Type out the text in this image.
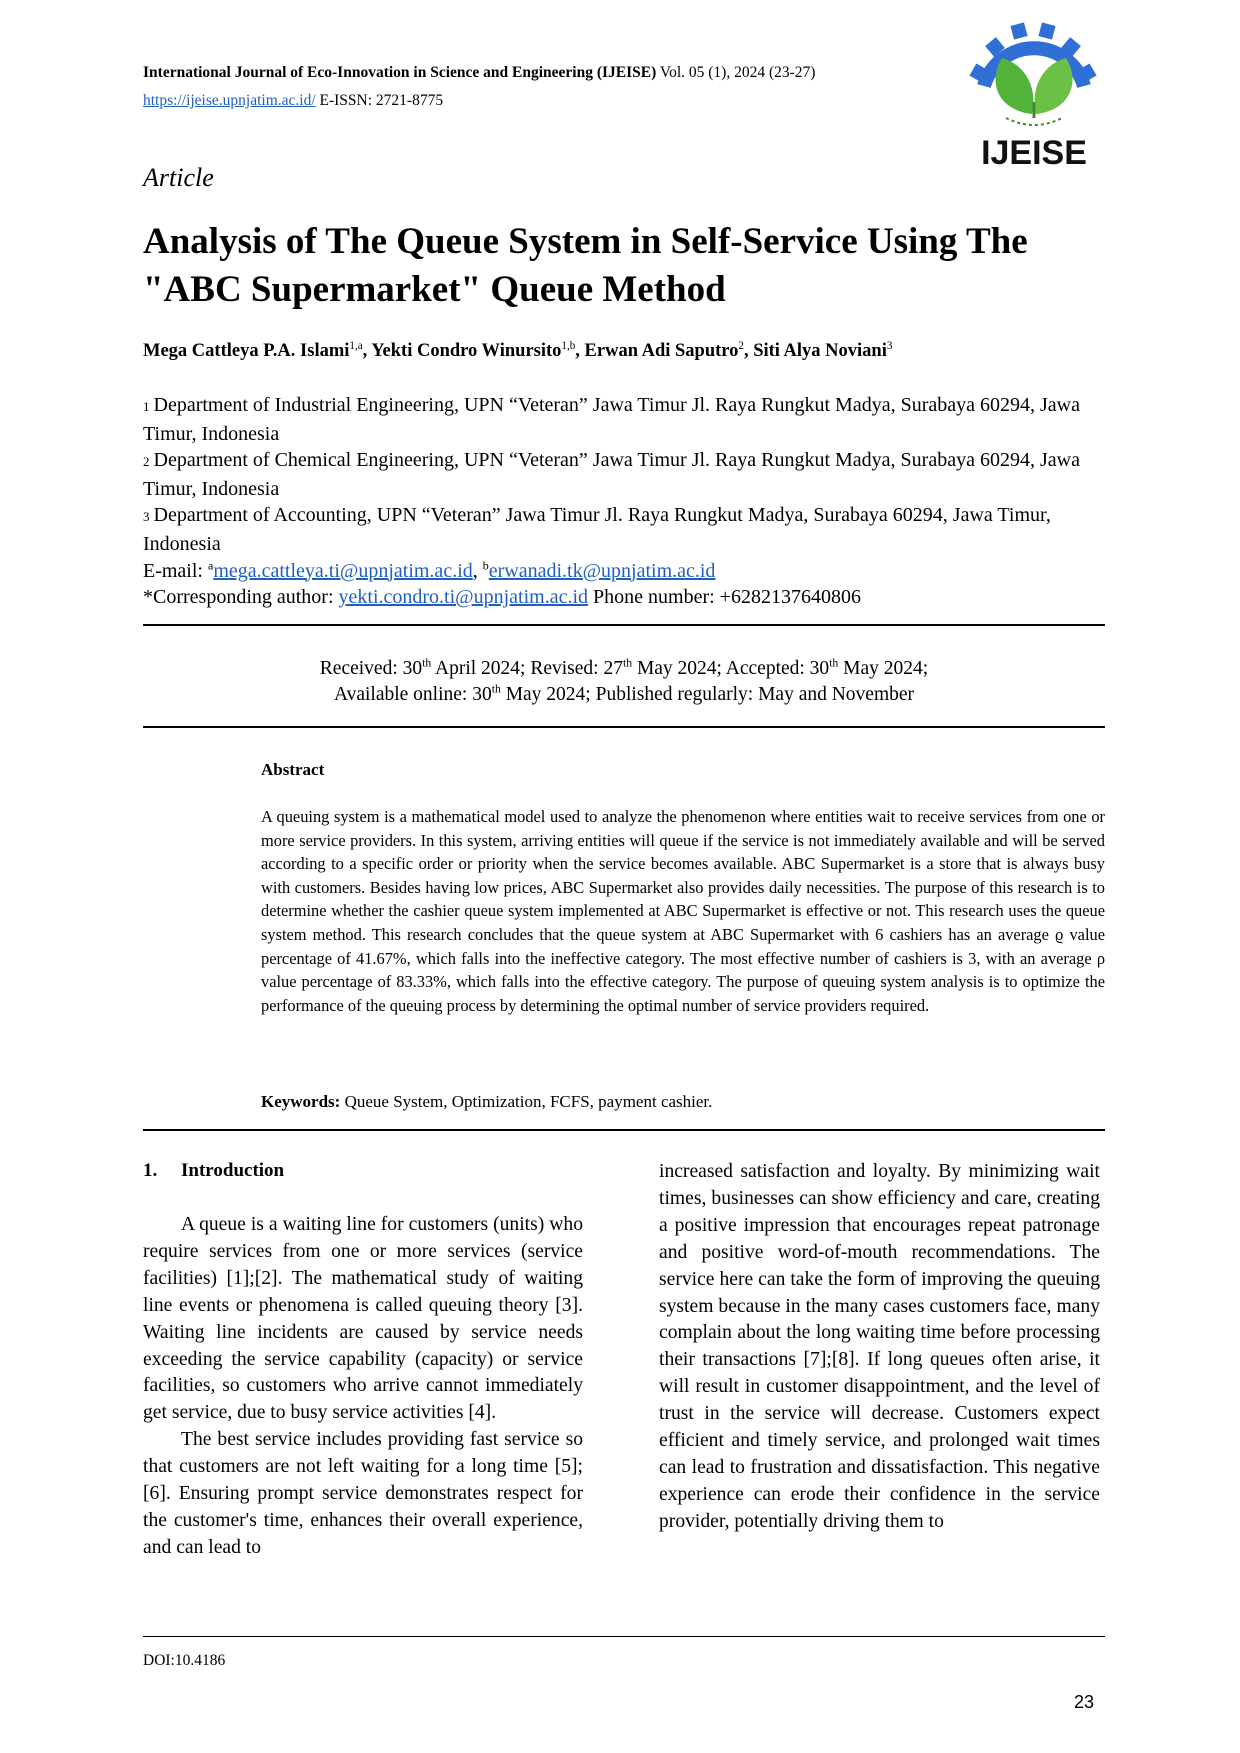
International Journal of Eco-Innovation in Science and Engineering (IJEISE) Vol. 05 (1), 2024 (23-27)
https://ijeise.upnjatim.ac.id/ E-ISSN: 2721-8775
IJEISE
Article
Analysis of The Queue System in Self-Service Using The "ABC Supermarket" Queue Method
Mega Cattleya P.A. Islami$^{1,a}$, Yekti Condro Winursito$^{1,b}$, Erwan Adi Saputro$^2$, Siti Alya Noviani$^3$
1 Department of Industrial Engineering, UPN “Veteran” Jawa Timur Jl. Raya Rungkut Madya, Surabaya 60294, Jawa Timur, Indonesia
2 Department of Chemical Engineering, UPN “Veteran” Jawa Timur Jl. Raya Rungkut Madya, Surabaya 60294, Jawa Timur, Indonesia
3 Department of Accounting, UPN “Veteran” Jawa Timur Jl. Raya Rungkut Madya, Surabaya 60294, Jawa Timur, Indonesia
E-mail: $^a$mega.cattleya.ti@upnjatim.ac.id, $^b$erwanadi.tk@upnjatim.ac.id
*Corresponding author: yekti.condro.ti@upnjatim.ac.id Phone number: +6282137640806
Received: 30th April 2024; Revised: 27th May 2024; Accepted: 30th May 2024;
Available online: 30th May 2024; Published regularly: May and November
Abstract
A queuing system is a mathematical model used to analyze the phenomenon where entities wait to receive services from one or more service providers. In this system, arriving entities will queue if the service is not immediately available and will be served according to a specific order or priority when the service becomes available. ABC Supermarket is a store that is always busy with customers. Besides having low prices, ABC Supermarket also provides daily necessities. The purpose of this research is to determine whether the cashier queue system implemented at ABC Supermarket is effective or not. This research uses the queue system method. This research concludes that the queue system at ABC Supermarket with 6 cashiers has an average ϱ value percentage of 41.67%, which falls into the ineffective category. The most effective number of cashiers is 3, with an average ρ value percentage of 83.33%, which falls into the effective category. The purpose of queuing system analysis is to optimize the performance of the queuing process by determining the optimal number of service providers required.
Keywords: Queue System, Optimization, FCFS, payment cashier.
1. Introduction

A queue is a waiting line for customers (units) who require services from one or more services (service facilities) [1];[2]. The mathematical study of waiting line events or phenomena is called queuing theory [3]. Waiting line incidents are caused by service needs exceeding the service capability (capacity) or service facilities, so customers who arrive cannot immediately get service, due to busy service activities [4].

The best service includes providing fast service so that customers are not left waiting for a long time [5];[6]. Ensuring prompt service demonstrates respect for the customer's time, enhances their overall experience, and can lead to

increased satisfaction and loyalty. By minimizing wait times, businesses can show efficiency and care, creating a positive impression that encourages repeat patronage and positive word-of-mouth recommendations. The service here can take the form of improving the queuing system because in the many cases customers face, many complain about the long waiting time before processing their transactions [7];[8]. If long queues often arise, it will result in customer disappointment, and the level of trust in the service will decrease. Customers expect efficient and timely service, and prolonged wait times can lead to frustration and dissatisfaction. This negative experience can erode their confidence in the service provider, potentially driving them to

DOI:10.4186
23
